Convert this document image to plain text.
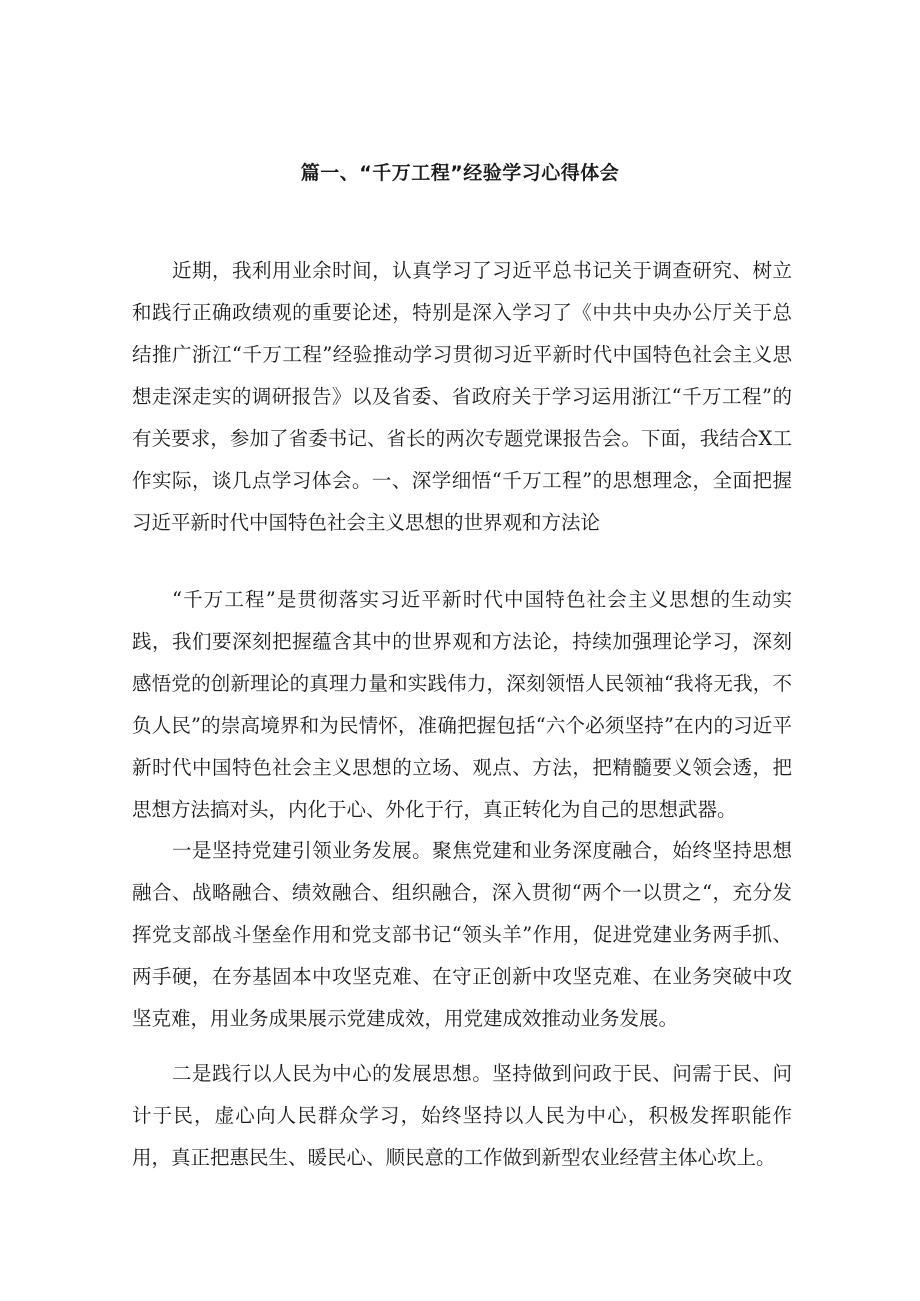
篇一、“千万工程”经验学习心得体会

近期，我利用业余时间，认真学习了习近平总书记关于调查研究、树立和践行正确政绩观的重要论述，特别是深入学习了《中共中央办公厅关于总结推广浙江“千万工程”经验推动学习贯彻习近平新时代中国特色社会主义思想走深走实的调研报告》以及省委、省政府关于学习运用浙江“千万工程”的有关要求，参加了省委书记、省长的两次专题党课报告会。下面，我结合X工作实际，谈几点学习体会。一、深学细悟“千万工程”的思想理念，全面把握习近平新时代中国特色社会主义思想的世界观和方法论

“千万工程”是贯彻落实习近平新时代中国特色社会主义思想的生动实践，我们要深刻把握蕴含其中的世界观和方法论，持续加强理论学习，深刻感悟党的创新理论的真理力量和实践伟力，深刻领悟人民领袖“我将无我，不负人民”的崇高境界和为民情怀，准确把握包括“六个必须坚持”在内的习近平新时代中国特色社会主义思想的立场、观点、方法，把精髓要义领会透，把思想方法搞对头，内化于心、外化于行，真正转化为自己的思想武器。

一是坚持党建引领业务发展。聚焦党建和业务深度融合，始终坚持思想融合、战略融合、绩效融合、组织融合，深入贯彻“两个一以贯之“，充分发挥党支部战斗堡垒作用和党支部书记“领头羊”作用，促进党建业务两手抓、两手硬，在夯基固本中攻坚克难、在守正创新中攻坚克难、在业务突破中攻坚克难，用业务成果展示党建成效，用党建成效推动业务发展。

二是践行以人民为中心的发展思想。坚持做到问政于民、问需于民、问计于民，虚心向人民群众学习，始终坚持以人民为中心，积极发挥职能作用，真正把惠民生、暖民心、顺民意的工作做到新型农业经营主体心坎上。
